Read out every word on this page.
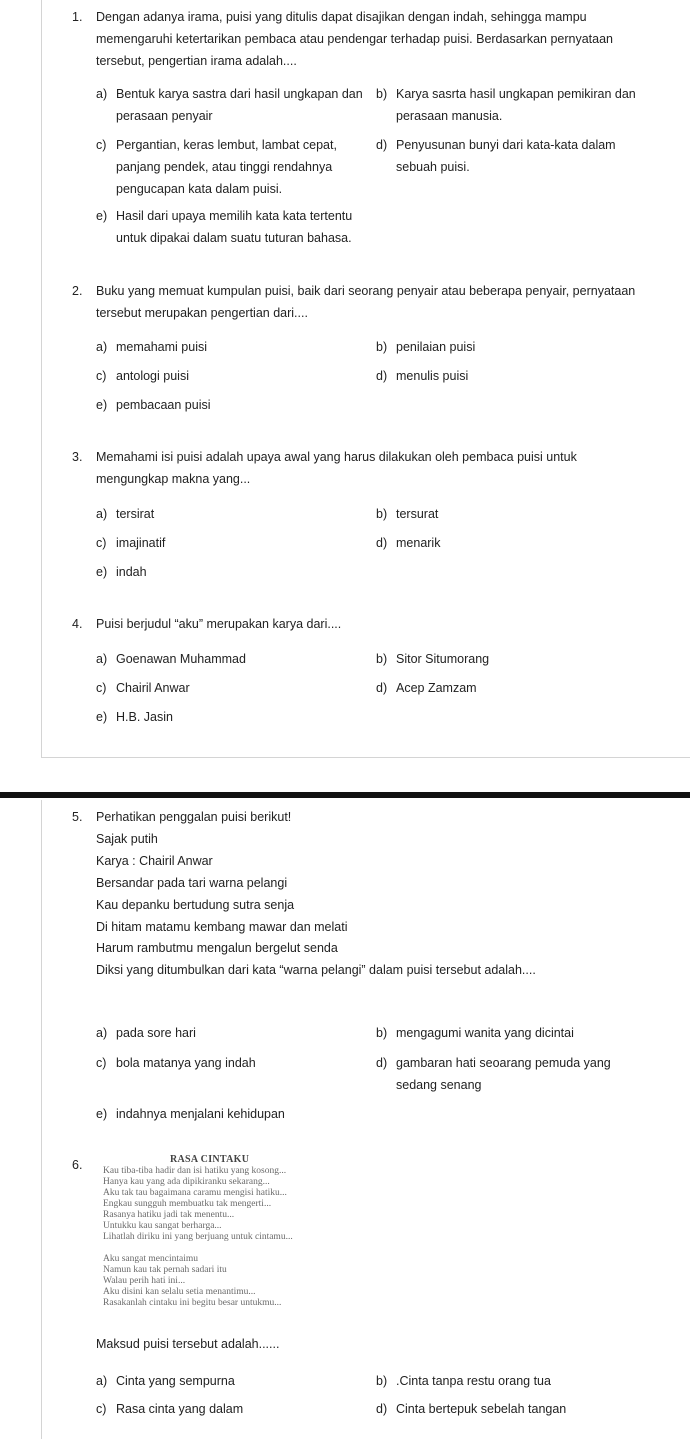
1.	Dengan adanya irama, puisi yang ditulis dapat disajikan dengan indah, sehingga mampu
memengaruhi ketertarikan pembaca atau pendengar terhadap puisi. Berdasarkan pernyataan
tersebut, pengertian irama adalah....
a) Bentuk karya sastra dari hasil ungkapan dan
perasaan penyair
b) Karya sasrta hasil ungkapan pemikiran dan
perasaan manusia.
c) Pergantian, keras lembut, lambat cepat,
panjang pendek, atau tinggi rendahnya
pengucapan kata dalam puisi.
d) Penyusunan bunyi dari kata-kata dalam
sebuah puisi.
e) Hasil dari upaya memilih kata kata tertentu
untuk dipakai dalam suatu tuturan bahasa.
2.	Buku yang memuat kumpulan puisi, baik dari seorang penyair atau beberapa penyair, pernyataan
tersebut merupakan pengertian dari....
a) memahami puisi	b) penilaian puisi
c) antologi puisi	d) menulis puisi
e) pembacaan puisi
3.	Memahami isi puisi adalah upaya awal yang harus dilakukan oleh pembaca puisi untuk
mengungkap makna yang...
a) tersirat	b) tersurat
c) imajinatif	d) menarik
e) indah
4.	Puisi berjudul “aku” merupakan karya dari....
a) Goenawan Muhammad	b) Sitor Situmorang
c) Chairil Anwar	d) Acep Zamzam
e) H.B. Jasin
5.	Perhatikan penggalan puisi berikut!
Sajak putih
Karya : Chairil Anwar
Bersandar pada tari warna pelangi
Kau depanku bertudung sutra senja
Di hitam matamu kembang mawar dan melati
Harum rambutmu mengalun bergelut senda
Diksi yang ditumbulkan dari kata “warna pelangi” dalam puisi tersebut adalah....
a) pada sore hari	b) mengagumi wanita yang dicintai
c) bola matanya yang indah	d) gambaran hati seoarang pemuda yang
sedang senang
e) indahnya menjalani kehidupan
6.	RASA CINTAKU
Kau tiba-tiba hadir dan isi hatiku yang kosong...
Hanya kau yang ada dipikiranku sekarang...
Aku tak tau bagaimana caramu mengisi hatiku...
Engkau sungguh membuatku tak mengerti...
Rasanya hatiku jadi tak menentu...
Untukku kau sangat berharga...
Lihatlah diriku ini yang berjuang untuk cintamu...
Aku sangat mencintaimu
Namun kau tak pernah sadari itu
Walau perih hati ini...
Aku disini kan selalu setia menantimu...
Rasakanlah cintaku ini begitu besar untukmu...
Maksud puisi tersebut adalah......
a) Cinta yang sempurna	b) .Cinta tanpa restu orang tua
c) Rasa cinta yang dalam	d) Cinta bertepuk sebelah tangan
